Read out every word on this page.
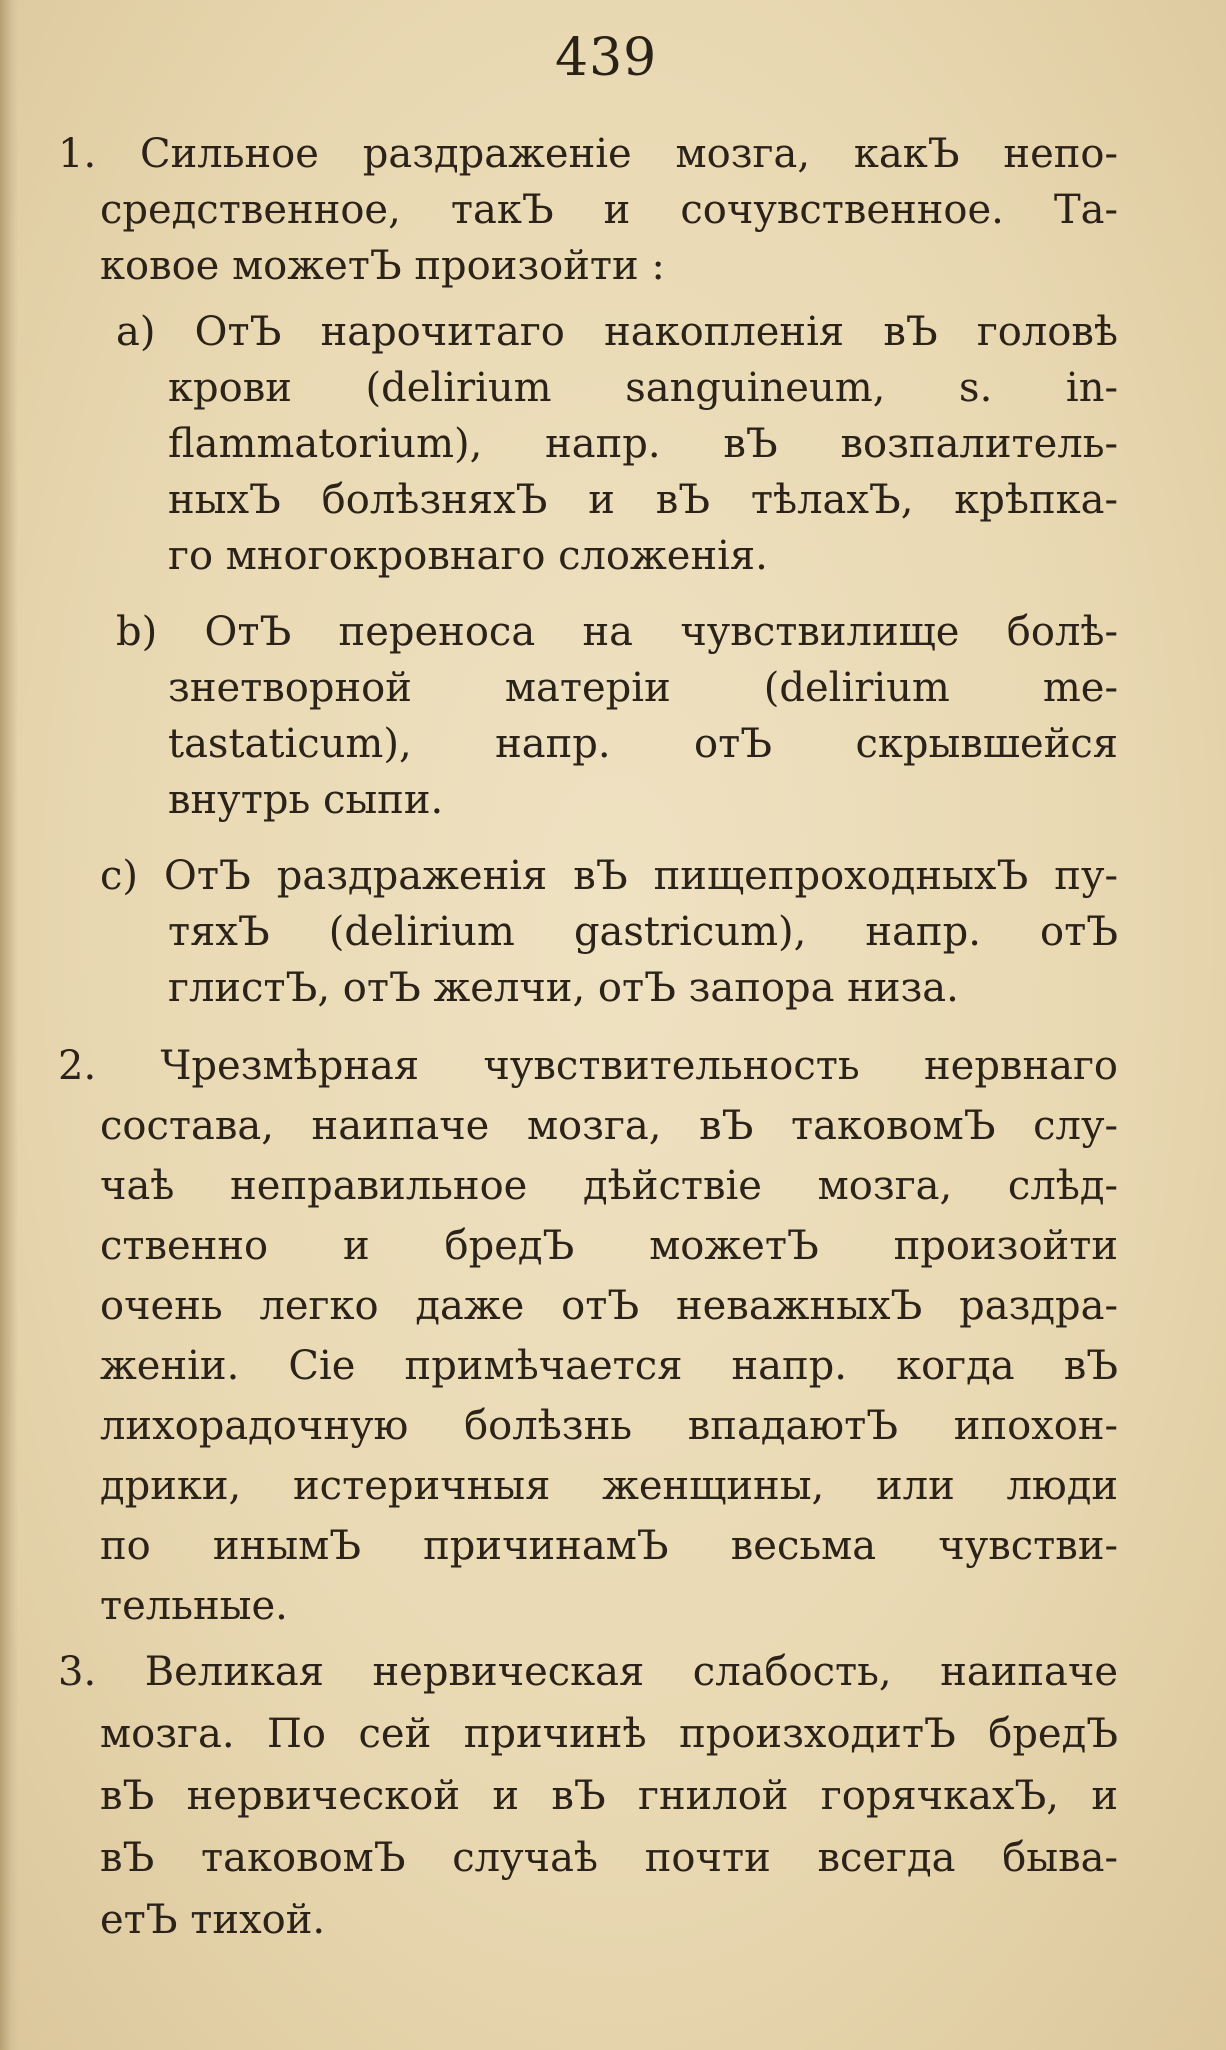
439
1. Сильное раздраженіе мозга, какЪ непо-
средственное, такЪ и сочувственное. Та-
ковое можетЪ произойти :
а) ОтЪ нарочитаго накопленія вЪ головѣ
крови (delirium sanguineum, s. in-
flammatorium), напр. вЪ возпалитель-
ныхЪ болѣзняхЪ и вЪ тѣлахЪ, крѣпка-
го многокровнаго сложенія.
b) ОтЪ переноса на чувствилище болѣ-
знетворной матеріи (delirium me-
tastaticum), напр. отЪ скрывшейся
внутрь сыпи.
c) ОтЪ раздраженія вЪ пищепроходныхЪ пу-
тяхЪ (delirium gastricum), напр. отЪ
глистЪ, отЪ желчи, отЪ запора низа.
2. Чрезмѣрная чувствительность нервнаго
состава, наипаче мозга, вЪ таковомЪ слу-
чаѣ неправильное дѣйствіе мозга, слѣд-
ственно и бредЪ можетЪ произойти
очень легко даже отЪ неважныхЪ раздра-
женіи. Сіе примѣчается напр. когда вЪ
лихорадочную болѣзнь впадаютЪ ипохон-
дрики, истеричныя женщины, или люди
по инымЪ причинамЪ весьма чувстви-
тельные.
3. Великая нервическая слабость, наипаче
мозга. По сей причинѣ произходитЪ бредЪ
вЪ нервической и вЪ гнилой горячкахЪ, и
вЪ таковомЪ случаѣ почти всегда быва-
етЪ тихой.
